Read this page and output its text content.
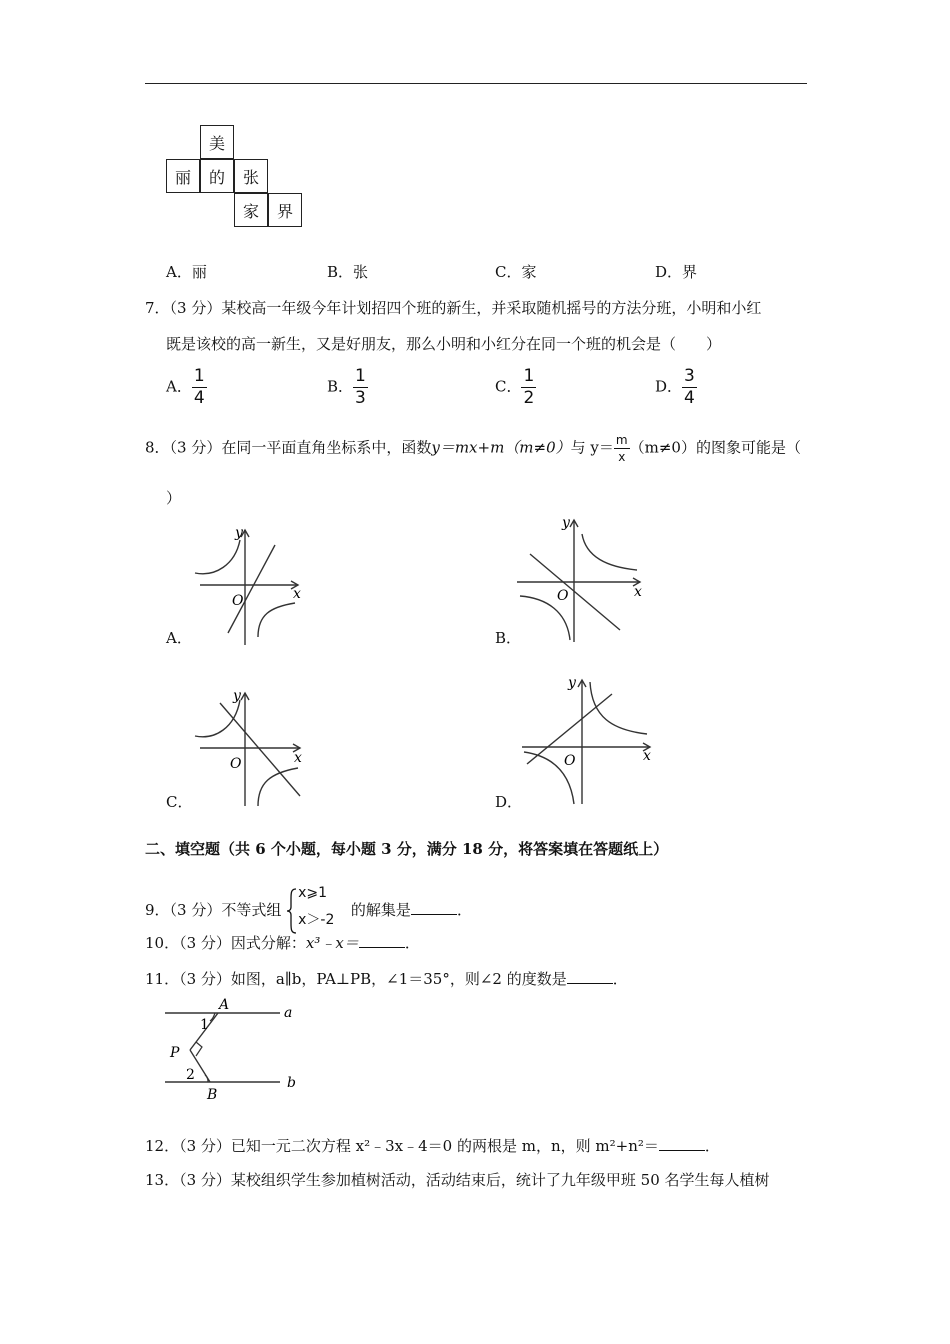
美
丽	的	张
家	界
A．丽	B．张	C．家	D．界
7．（3 分）某校高一年级今年计划招四个班的新生，并采取随机摇号的方法分班，小明和小红
既是该校的高一新生，又是好朋友，那么小明和小红分在同一个班的机会是（　　）
A． $\frac{1}{4}$	B． $\frac{1}{3}$	C． $\frac{1}{2}$	D． $\frac{3}{4}$
8．（3 分）在同一平面直角坐标系中，函数y＝mx+m（m≠0）与 $y= \frac{m}{x} (m\ne 0)$的图象可能是（
）
y
x
O
A．
y
x
O
B．
y
x
O
C．
y
x
O
D．
二、填空题（共 6 个小题，每小题 3 分，满分 18 分，将答案填在答题纸上）
9．（3 分）不等式组
x⩾1
x＞-2
的解集是	．
10．（3 分）因式分解：x³﹣x＝	．
11．（3 分）如图，a∥b，PA⊥PB，∠1＝35°，则∠2 的度数是	．
A
1
P
2
B
a
b
12．（3 分）已知一元二次方程 x²﹣3x﹣4＝0 的两根是 m，n，则 m²+n²＝	．
13．（3 分）某校组织学生参加植树活动，活动结束后，统计了九年级甲班 50 名学生每人植树
